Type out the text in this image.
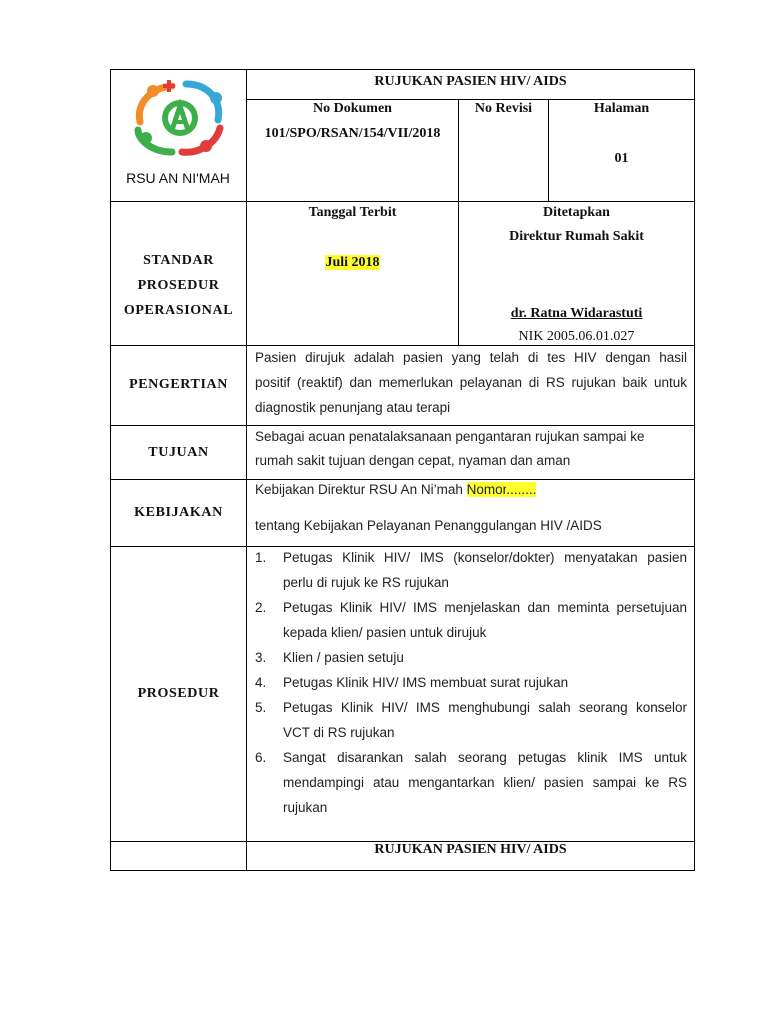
RSU AN NI'MAH
RUJUKAN PASIEN HIV/ AIDS
No Dokumen
101/SPO/RSAN/154/VII/2018
No Revisi	Halaman
01
STANDAR
PROSEDUR
OPERASIONAL
Tanggal Terbit
Juli 2018
Ditetapkan
Direktur Rumah Sakit
dr. Ratna Widarastuti
NIK 2005.06.01.027
PENGERTIAN
Pasien dirujuk adalah pasien yang telah di tes HIV dengan hasil
positif (reaktif) dan memerlukan pelayanan di RS rujukan baik untuk
diagnostik penunjang atau terapi
TUJUAN
Sebagai acuan penatalaksanaan pengantaran rujukan sampai ke
rumah sakit tujuan dengan cepat, nyaman dan aman
KEBIJAKAN
Kebijakan Direktur RSU An Ni’mah Nomor........
tentang Kebijakan Pelayanan Penanggulangan HIV /AIDS
PROSEDUR
1. Petugas Klinik HIV/ IMS (konselor/dokter) menyatakan pasien
perlu di rujuk ke RS rujukan
2. Petugas Klinik HIV/ IMS menjelaskan dan meminta persetujuan
kepada klien/ pasien untuk dirujuk
3. Klien / pasien setuju
4. Petugas Klinik HIV/ IMS membuat surat rujukan
5. Petugas Klinik HIV/ IMS menghubungi salah seorang konselor
VCT di RS rujukan
6. Sangat disarankan salah seorang petugas klinik IMS untuk
mendampingi atau mengantarkan klien/ pasien sampai ke RS
rujukan
RUJUKAN PASIEN HIV/ AIDS
